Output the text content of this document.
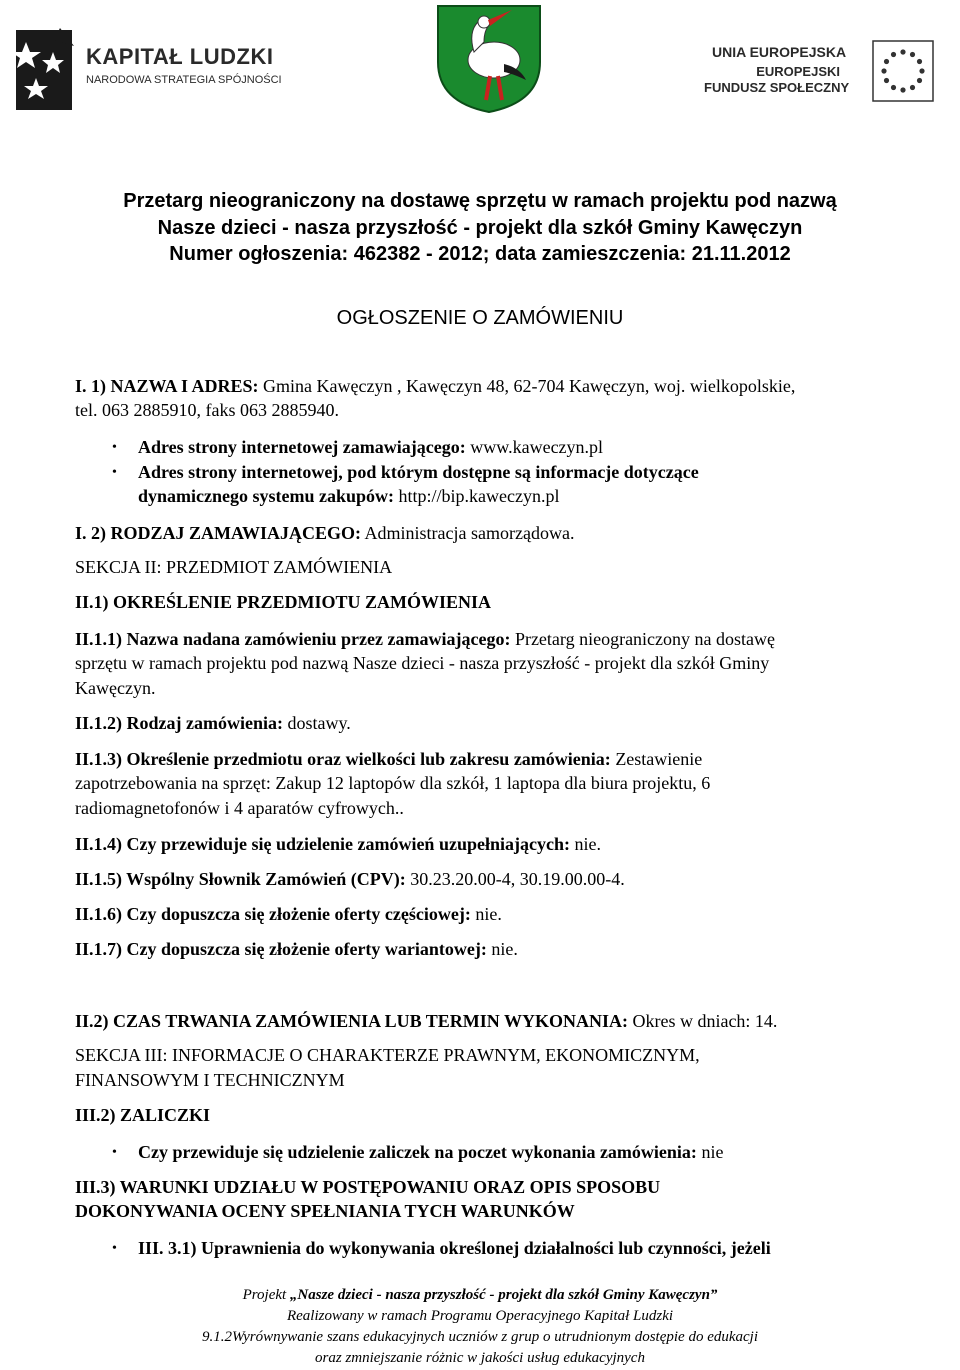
KAPITAŁ LUDZKI
NARODOWA STRATEGIA SPÓJNOŚCI
UNIA EUROPEJSKA
EUROPEJSKI
FUNDUSZ SPOŁECZNY
Przetarg nieograniczony na dostawę sprzętu w ramach projektu pod nazwą
Nasze dzieci - nasza przyszłość - projekt dla szkół Gminy Kawęczyn
Numer ogłoszenia: 462382 - 2012; data zamieszczenia: 21.11.2012
OGŁOSZENIE O ZAMÓWIENIU
I. 1) NAZWA I ADRES: Gmina Kawęczyn , Kawęczyn 48, 62-704 Kawęczyn, woj. wielkopolskie,
tel. 063 2885910, faks 063 2885940.
• Adres strony internetowej zamawiającego: www.kaweczyn.pl
• Adres strony internetowej, pod którym dostępne są informacje dotyczące
dynamicznego systemu zakupów: http://bip.kaweczyn.pl
I. 2) RODZAJ ZAMAWIAJĄCEGO: Administracja samorządowa.
SEKCJA II: PRZEDMIOT ZAMÓWIENIA
II.1) OKREŚLENIE PRZEDMIOTU ZAMÓWIENIA
II.1.1) Nazwa nadana zamówieniu przez zamawiającego: Przetarg nieograniczony na dostawę
sprzętu w ramach projektu pod nazwą Nasze dzieci - nasza przyszłość - projekt dla szkół Gminy
Kawęczyn.
II.1.2) Rodzaj zamówienia: dostawy.
II.1.3) Określenie przedmiotu oraz wielkości lub zakresu zamówienia: Zestawienie
zapotrzebowania na sprzęt: Zakup 12 laptopów dla szkół, 1 laptopa dla biura projektu, 6
radiomagnetofonów i 4 aparatów cyfrowych..
II.1.4) Czy przewiduje się udzielenie zamówień uzupełniających: nie.
II.1.5) Wspólny Słownik Zamówień (CPV): 30.23.20.00-4, 30.19.00.00-4.
II.1.6) Czy dopuszcza się złożenie oferty częściowej: nie.
II.1.7) Czy dopuszcza się złożenie oferty wariantowej: nie.
II.2) CZAS TRWANIA ZAMÓWIENIA LUB TERMIN WYKONANIA: Okres w dniach: 14.
SEKCJA III: INFORMACJE O CHARAKTERZE PRAWNYM, EKONOMICZNYM,
FINANSOWYM I TECHNICZNYM
III.2) ZALICZKI
• Czy przewiduje się udzielenie zaliczek na poczet wykonania zamówienia: nie
III.3) WARUNKI UDZIAŁU W POSTĘPOWANIU ORAZ OPIS SPOSOBU
DOKONYWANIA OCENY SPEŁNIANIA TYCH WARUNKÓW
• III. 3.1) Uprawnienia do wykonywania określonej działalności lub czynności, jeżeli
Projekt „Nasze dzieci - nasza przyszłość - projekt dla szkół Gminy Kawęczyn”
Realizowany w ramach Programu Operacyjnego Kapitał Ludzki
9.1.2Wyrównywanie szans edukacyjnych uczniów z grup o utrudnionym dostępie do edukacji
oraz zmniejszanie różnic w jakości usług edukacyjnych
